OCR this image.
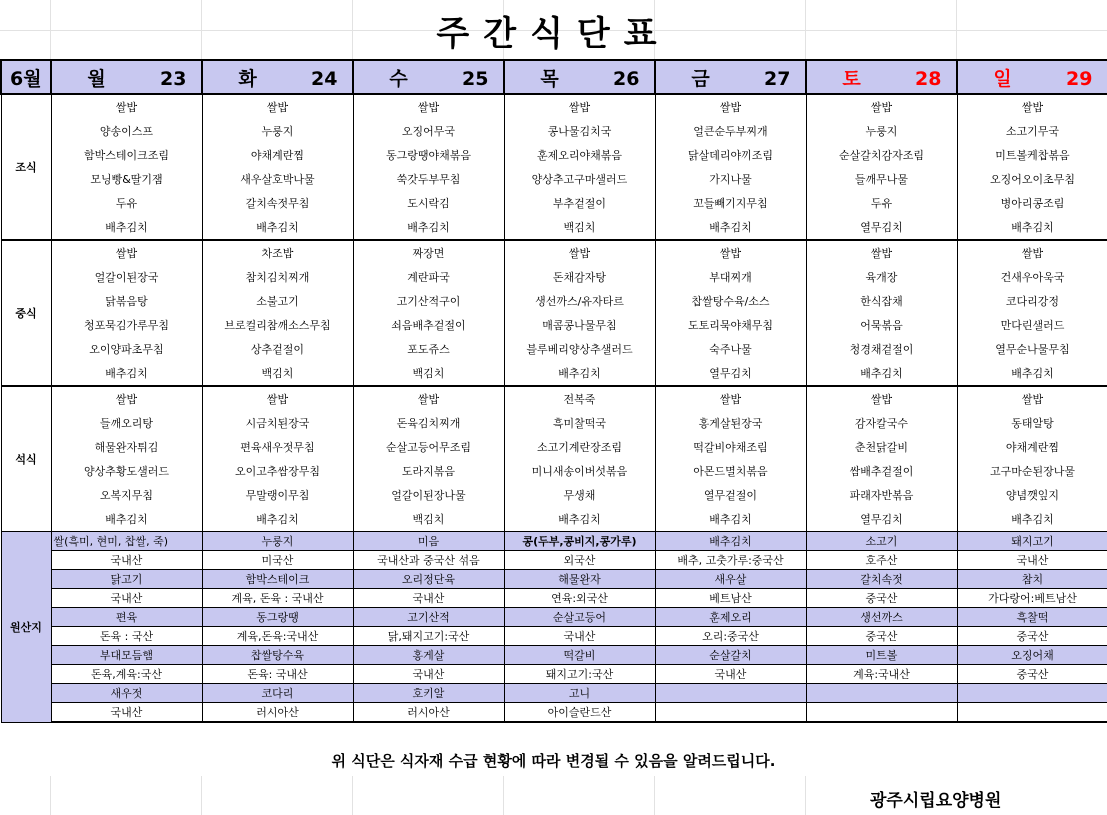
주간식단표
6월	월 23	화 24	수 25	목 26	금 27	토 28	일 29
조식	쌀밥	쌀밥	쌀밥	쌀밥	쌀밥	쌀밥	쌀밥
	양송이스프	누룽지	오징어무국	콩나물김치국	얼큰순두부찌개	누룽지	소고기무국
	함박스테이크조림	야채계란찜	동그랑땡야채볶음	훈제오리야채볶음	닭살데리야끼조림	순살갈치감자조림	미트볼케찹볶음
	모닝빵&딸기잼	새우살호박나물	쑥갓두부무침	양상추고구마샐러드	가지나물	들깨무나물	오징어오이초무침
	두유	갈치속젓무침	도시락김	부추겉절이	꼬들빼기지무침	두유	병아리콩조림
	배추김치	배추김치	배추김치	백김치	배추김치	열무김치	배추김치
중식	쌀밥	차조밥	짜장면	쌀밥	쌀밥	쌀밥	쌀밥
	얼갈이된장국	참치김치찌개	계란파국	돈채감자탕	부대찌개	육개장	건새우아욱국
	닭볶음탕	소불고기	고기산적구이	생선까스/유자타르	찹쌀탕수육/소스	한식잡채	코다리강정
	청포묵김가루무침	브로컬리참깨소스무침	쇠음배추겉절이	매콤콩나물무침	도토리묵야채무침	어묵볶음	만다린샐러드
	오이양파초무침	상추겉절이	포도쥬스	블루베리양상추샐러드	숙주나물	청경채겉절이	열무순나물무침
	배추김치	백김치	백김치	배추김치	열무김치	배추김치	배추김치
석식	쌀밥	쌀밥	쌀밥	전복죽	쌀밥	쌀밥	쌀밥
	들깨오리탕	시금치된장국	돈육김치찌개	흑미찰떡국	홍게살된장국	감자칼국수	동태알탕
	해물완자튀김	편육새우젓무침	순살고등어무조림	소고기계란장조림	떡갈비야채조림	춘천닭갈비	야채계란찜
	양상추황도샐러드	오이고추쌈장무침	도라지볶음	미니새송이버섯볶음	아몬드멸치볶음	쌈배추겉절이	고구마순된장나물
	오복지무침	무말랭이무침	얼갈이된장나물	무생채	열무겉절이	파래자반볶음	양념깻잎지
	배추김치	배추김치	백김치	배추김치	배추김치	열무김치	배추김치
원산지	쌀(흑미, 현미, 찹쌀, 죽)	누룽지	미음	콩(두부,콩비지,콩가루)	배추김치	소고기	돼지고기
	국내산	미국산	국내산과 중국산 섞음	외국산	배추, 고춧가루:중국산	호주산	국내산
	닭고기	함박스테이크	오리정단육	해물완자	새우살	갈치속젓	참치
	국내산	계육, 돈육 : 국내산	국내산	연육:외국산	베트남산	중국산	가다랑어:베트남산
	편육	동그랑땡	고기산적	순살고등어	훈제오리	생선까스	흑찰떡
	돈육 : 국산	계육,돈육:국내산	닭,돼지고기:국산	국내산	오리:중국산	중국산	중국산
	부대모듬햄	찹쌀탕수육	홍게살	떡갈비	순살갈치	미트볼	오징어채
	돈육,계육:국산	돈육: 국내산	국내산	돼지고기:국산	국내산	계육:국내산	중국산
	새우젓	코다리	호키알	고니			
	국내산	러시아산	러시아산	아이슬란드산			
위 식단은 식자재 수급 현황에 따라 변경될 수 있음을 알려드립니다.
광주시립요양병원
